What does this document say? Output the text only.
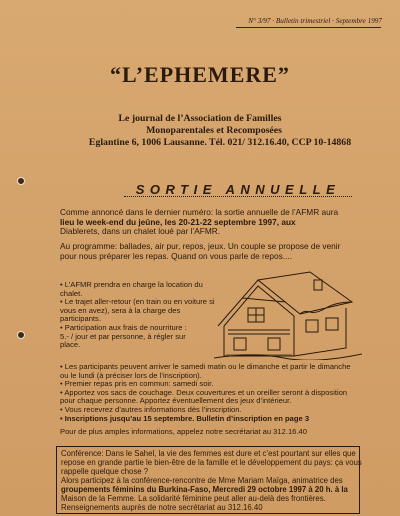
N° 3/97 · Bulletin trimestriel · Septembre 1997
“L’EPHEMERE”
Le journal de l’Association de Familles
Monoparentales et Recomposées
Eglantine 6, 1006 Lausanne. Tél. 021/ 312.16.40, CCP 10-14868
SORTIE ANNUELLE
Comme annoncé dans le dernier numéro: la sortie annuelle de l’AFMR aura
lieu le week-end du jeûne, les 20-21-22 septembre 1997, aux
Diablerets, dans un chalet loué par l’AFMR.
Au programme: ballades, air pur, repos, jeux. Un couple se propose de venir
pour nous préparer les repas. Quand on vous parle de repos....
• L’AFMR prendra en charge la location du
chalet.
• Le trajet aller-retour (en train ou en voiture si
vous en avez), sera à la charge des
participants.
• Participation aux frais de nourriture :
5.- / jour et par personne, à régler sur
place.
• Les participants peuvent arriver le samedi matin ou le dimanche et partir le dimanche
ou le lundi (à préciser lors de l’inscription).
• Premier repas pris en commun: samedi soir.
• Apportez vos sacs de couchage. Deux couvertures et un oreiller seront à disposition
pour chaque personne. Apportez éventuellement des jeux d’intérieur.
• Vous recevrez d’autres informations dès l’inscription.
• Inscriptions jusqu’au 15 septembre. Bulletin d’inscription en page 3
Pour de plus amples informations, appelez notre secrétariat au 312.16.40
Conférence: Dans le Sahel, la vie des femmes est dure et c’est pourtant sur elles que
repose en grande partie le bien-être de la famille et le développement du pays: ça vous
rappelle quelque chose ?
Alors participez à la conférence-rencontre de Mme Mariam Maïga, animatrice des
groupements féminins du Burkina-Faso, Mercredi 29 octobre 1997 à 20 h. à la
Maison de la Femme. La solidarité féminine peut aller au-delà des frontières.
Renseignements auprès de notre secrétariat au 312.16.40
